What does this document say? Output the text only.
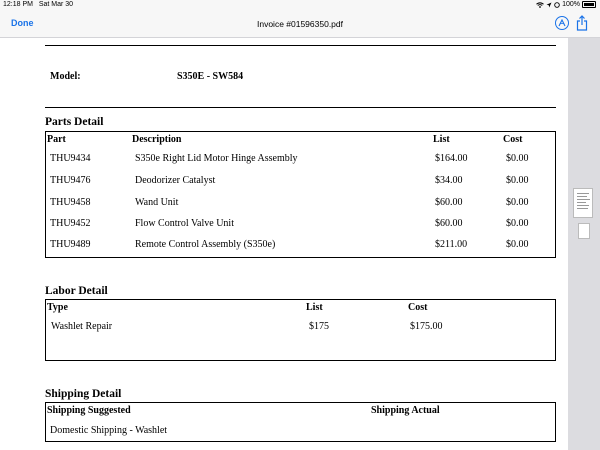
12:18 PM Sat Mar 30	100%
Done	Invoice #01596350.pdf
Model:	S350E - SW584
Parts Detail
Part	Description	List	Cost
THU9434	S350e Right Lid Motor Hinge Assembly	$164.00	$0.00
THU9476	Deodorizer Catalyst	$34.00	$0.00
THU9458	Wand Unit	$60.00	$0.00
THU9452	Flow Control Valve Unit	$60.00	$0.00
THU9489	Remote Control Assembly (S350e)	$211.00	$0.00
Labor Detail
Type	List	Cost
Washlet Repair	$175	$175.00
Shipping Detail
Shipping Suggested	Shipping Actual
Domestic Shipping - Washlet
